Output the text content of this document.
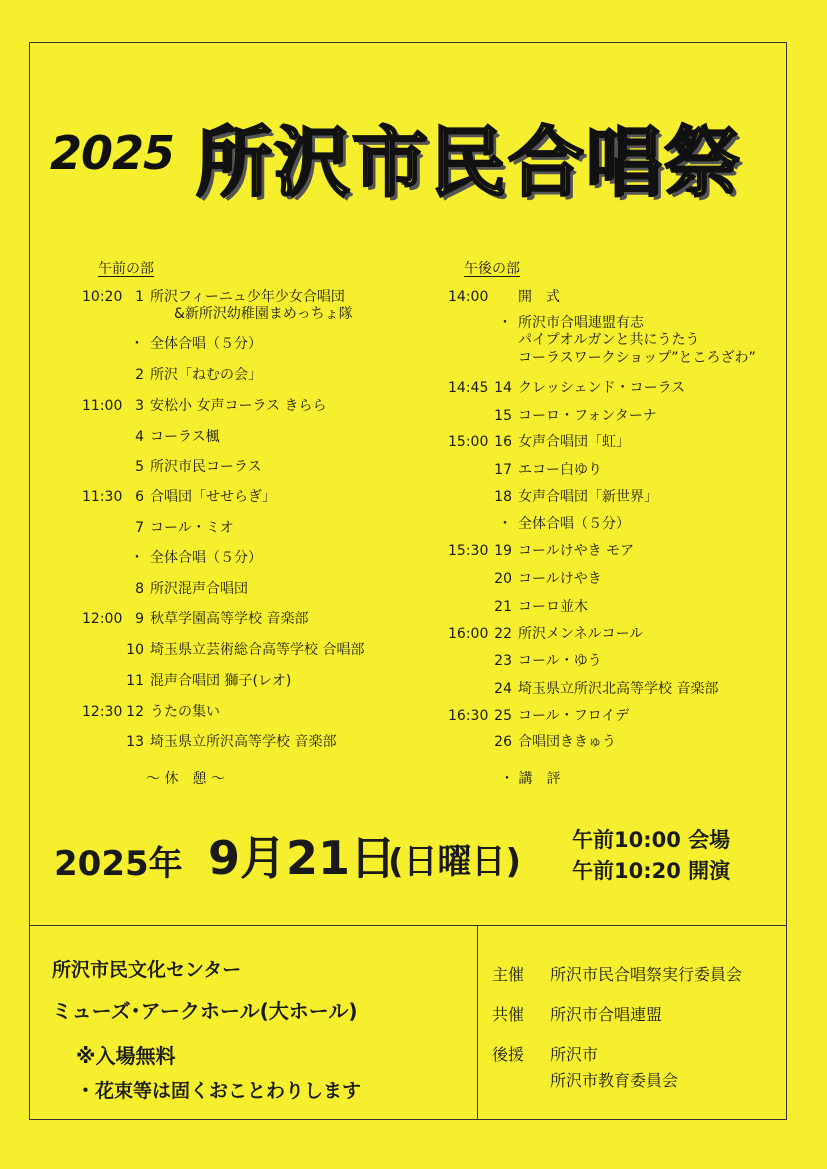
2025 所沢市民合唱祭
午前の部
10:20 1 所沢フィーニュ少年少女合唱団
&新所沢幼稚園まめっちょ隊
・ 全体合唱（５分）
2 所沢「ねむの会」
11:00 3 安松小 女声コーラス きらら
4 コーラス楓
5 所沢市民コーラス
11:30 6 合唱団「せせらぎ」
7 コール・ミオ
・ 全体合唱（５分）
8 所沢混声合唱団
12:00 9 秋草学園高等学校 音楽部
10 埼玉県立芸術総合高等学校 合唱部
11 混声合唱団 獅子(レオ)
12:30 12 うたの集い
13 埼玉県立所沢高等学校 音楽部
～ 休　憩 ～
午後の部
14:00 開　式
・ 所沢市合唱連盟有志
パイプオルガンと共にうたう
コーラスワークショップ”ところざわ”
14:45 14 クレッシェンド・コーラス
15 コーロ・フォンターナ
15:00 16 女声合唱団「虹」
17 エコー白ゆり
18 女声合唱団「新世界」
・ 全体合唱（５分）
15:30 19 コールけやき モア
20 コールけやき
21 コーロ並木
16:00 22 所沢メンネルコール
23 コール・ゆう
24 埼玉県立所沢北高等学校 音楽部
16:30 25 コール・フロイデ
26 合唱団ききゅう
・ 講　評
2025年 9月21日
(日曜日)
午前10:00 会場
午前10:20 開演
所沢市民文化センター
ミューズ･アークホール(大ホール)
※入場無料
・花束等は固くおことわりします
主催 所沢市民合唱祭実行委員会
共催 所沢市合唱連盟
後援 所沢市
所沢市教育委員会
